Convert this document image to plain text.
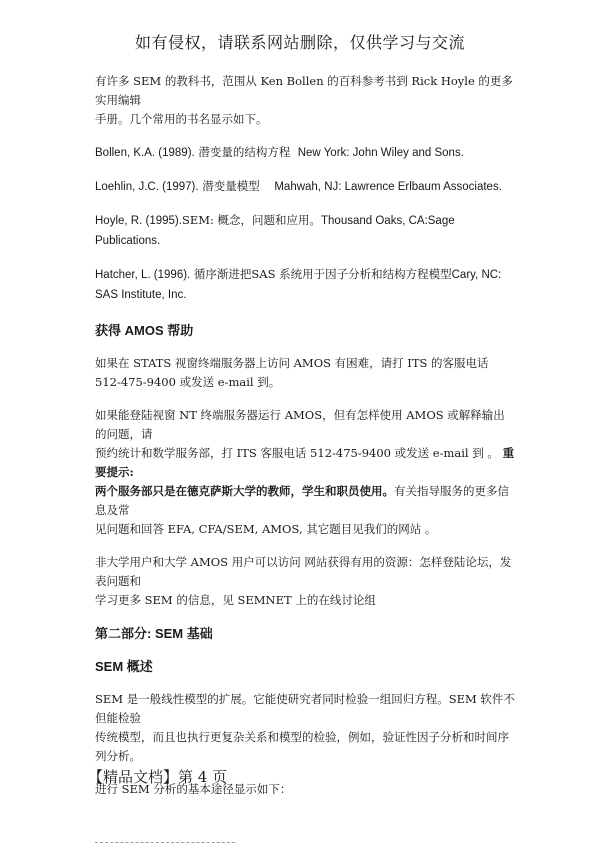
如有侵权，请联系网站删除，仅供学习与交流

有许多 SEM 的教科书，范围从 Ken Bollen 的百科参考书到 Rick Hoyle 的更多实用编辑
手册。几个常用的书名显示如下。

Bollen, K.A. (1989). 潜变量的结构方程 New York: John Wiley and Sons.

Loehlin, J.C. (1997). 潜变量模型 Mahwah, NJ: Lawrence Erlbaum Associates.

Hoyle, R. (1995).SEM: 概念，问题和应用。Thousand Oaks, CA:Sage Publications.

Hatcher, L. (1996). 循序渐进把SAS 系统用于因子分析和结构方程模型Cary, NC:
SAS Institute, Inc.

获得 AMOS 帮助

如果在 STATS 视窗终端服务器上访问 AMOS 有困难，请打 ITS 的客服电话
512-475-9400 或发送 e-mail 到。

如果能登陆视窗 NT 终端服务器运行 AMOS，但有怎样使用 AMOS 或解释输出的问题，请
预约统计和数学服务部，打 ITS 客服电话 512-475-9400 或发送 e-mail 到 。 重要提示:
两个服务部只是在德克萨斯大学的教师，学生和职员使用。有关指导服务的更多信息及常
见问题和回答 EFA, CFA/SEM, AMOS, 其它题目见我们的网站 。

非大学用户和大学 AMOS 用户可以访问 网站获得有用的资源：怎样登陆论坛，发表问题和
学习更多 SEM 的信息，见 SEMNET 上的在线讨论组

第二部分: SEM 基础
SEM 概述

SEM 是一般线性模型的扩展。它能使研究者同时检验一组回归方程。SEM 软件不但能检验
传统模型，而且也执行更复杂关系和模型的检验，例如，验证性因子分析和时间序列分析。

进行 SEM 分析的基本途径显示如下：

【精品文档】第 4 页
